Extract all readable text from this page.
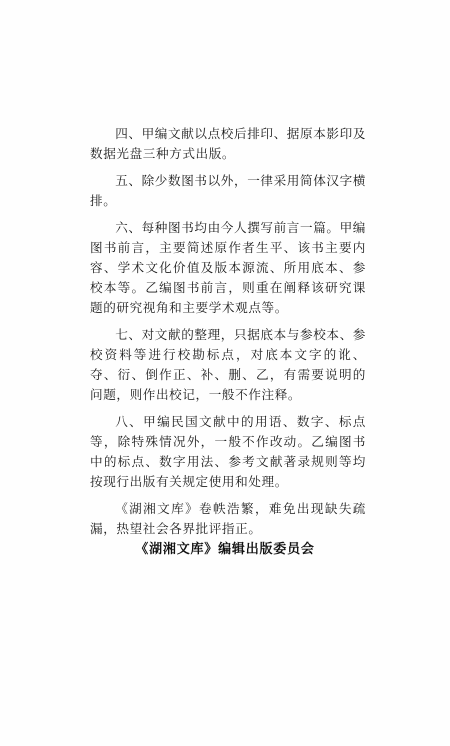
四、甲编文献以点校后排印、据原本影印及数据光盘三种方式出版。

五、除少数图书以外，一律采用简体汉字横排。

六、每种图书均由今人撰写前言一篇。甲编图书前言，主要简述原作者生平、该书主要内容、学术文化价值及版本源流、所用底本、参校本等。乙编图书前言，则重在阐释该研究课题的研究视角和主要学术观点等。

七、对文献的整理，只据底本与参校本、参校资料等进行校勘标点，对底本文字的讹、夺、衍、倒作正、补、删、乙，有需要说明的问题，则作出校记，一般不作注释。

八、甲编民国文献中的用语、数字、标点等，除特殊情况外，一般不作改动。乙编图书中的标点、数字用法、参考文献著录规则等均按现行出版有关规定使用和处理。

《湖湘文库》卷帙浩繁，难免出现缺失疏漏，热望社会各界批评指正。

《湖湘文库》编辑出版委员会
